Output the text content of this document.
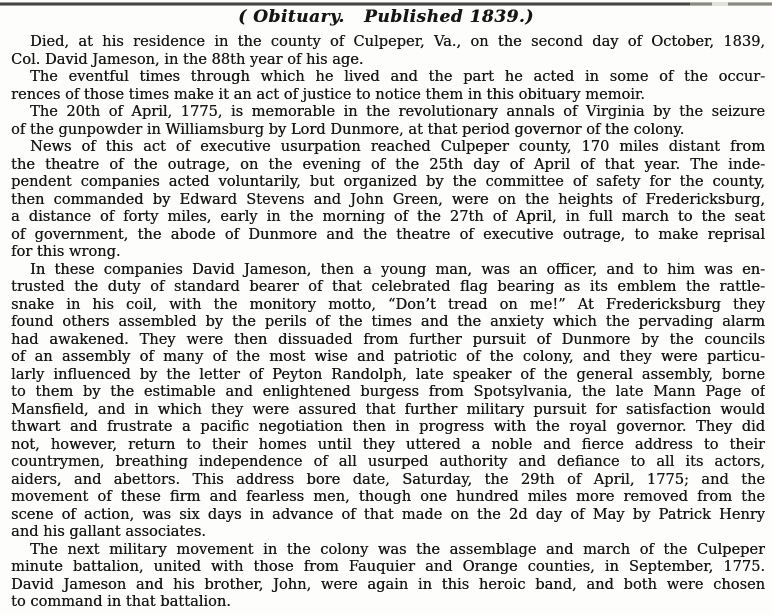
( Obituary.   Published 1839.)
Died, at his residence in the county of Culpeper, Va., on the second day of October, 1839,
Col. David Jameson, in the 88th year of his age.
The eventful times through which he lived and the part he acted in some of the occur-
rences of those times make it an act of justice to notice them in this obituary memoir.
The 20th of April, 1775, is memorable in the revolutionary annals of Virginia by the seizure
of the gunpowder in Williamsburg by Lord Dunmore, at that period governor of the colony.
News of this act of executive usurpation reached Culpeper county, 170 miles distant from
the theatre of the outrage, on the evening of the 25th day of April of that year. The inde-
pendent companies acted voluntarily, but organized by the committee of safety for the county,
then commanded by Edward Stevens and John Green, were on the heights of Fredericksburg,
a distance of forty miles, early in the morning of the 27th of April, in full march to the seat
of government, the abode of Dunmore and the theatre of executive outrage, to make reprisal
for this wrong.
In these companies David Jameson, then a young man, was an officer, and to him was en-
trusted the duty of standard bearer of that celebrated flag bearing as its emblem the rattle-
snake in his coil, with the monitory motto, “Don’t tread on me!” At Fredericksburg they
found others assembled by the perils of the times and the anxiety which the pervading alarm
had awakened. They were then dissuaded from further pursuit of Dunmore by the councils
of an assembly of many of the most wise and patriotic of the colony, and they were particu-
larly influenced by the letter of Peyton Randolph, late speaker of the general assembly, borne
to them by the estimable and enlightened burgess from Spotsylvania, the late Mann Page of
Mansfield, and in which they were assured that further military pursuit for satisfaction would
thwart and frustrate a pacific negotiation then in progress with the royal governor. They did
not, however, return to their homes until they uttered a noble and fierce address to their
countrymen, breathing independence of all usurped authority and defiance to all its actors,
aiders, and abettors. This address bore date, Saturday, the 29th of April, 1775; and the
movement of these firm and fearless men, though one hundred miles more removed from the
scene of action, was six days in advance of that made on the 2d day of May by Patrick Henry
and his gallant associates.
The next military movement in the colony was the assemblage and march of the Culpeper
minute battalion, united with those from Fauquier and Orange counties, in September, 1775.
David Jameson and his brother, John, were again in this heroic band, and both were chosen
to command in that battalion.
